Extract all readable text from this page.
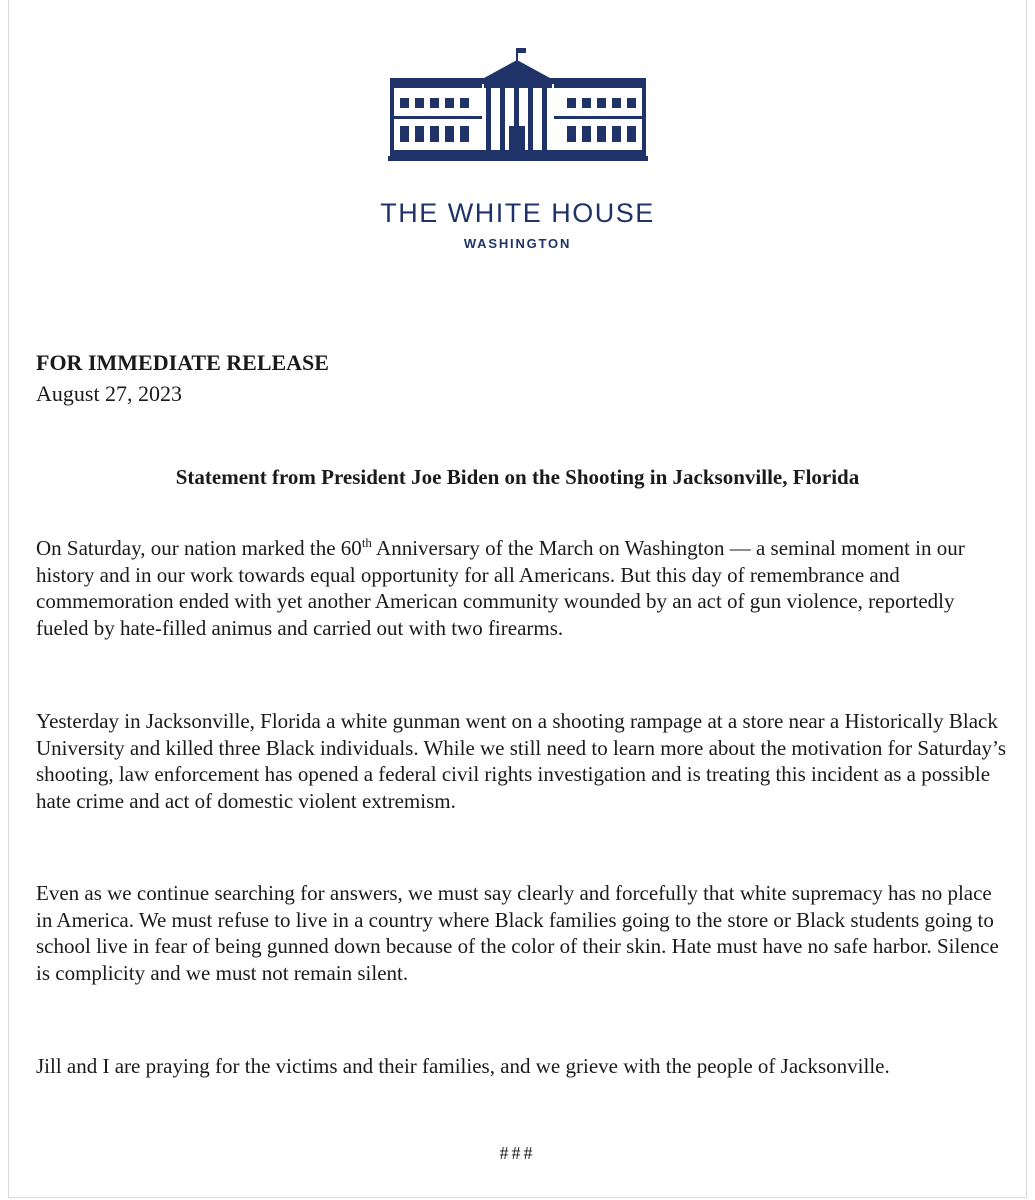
THE WHITE HOUSE
WASHINGTON
FOR IMMEDIATE RELEASE
August 27, 2023
Statement from President Joe Biden on the Shooting in Jacksonville, Florida
On Saturday, our nation marked the 60th Anniversary of the March on Washington — a seminal moment in our history and in our work towards equal opportunity for all Americans. But this day of remembrance and commemoration ended with yet another American community wounded by an act of gun violence, reportedly fueled by hate-filled animus and carried out with two firearms.
Yesterday in Jacksonville, Florida a white gunman went on a shooting rampage at a store near a Historically Black University and killed three Black individuals. While we still need to learn more about the motivation for Saturday’s shooting, law enforcement has opened a federal civil rights investigation and is treating this incident as a possible hate crime and act of domestic violent extremism.
Even as we continue searching for answers, we must say clearly and forcefully that white supremacy has no place in America. We must refuse to live in a country where Black families going to the store or Black students going to school live in fear of being gunned down because of the color of their skin. Hate must have no safe harbor. Silence is complicity and we must not remain silent.
Jill and I are praying for the victims and their families, and we grieve with the people of Jacksonville.
###
